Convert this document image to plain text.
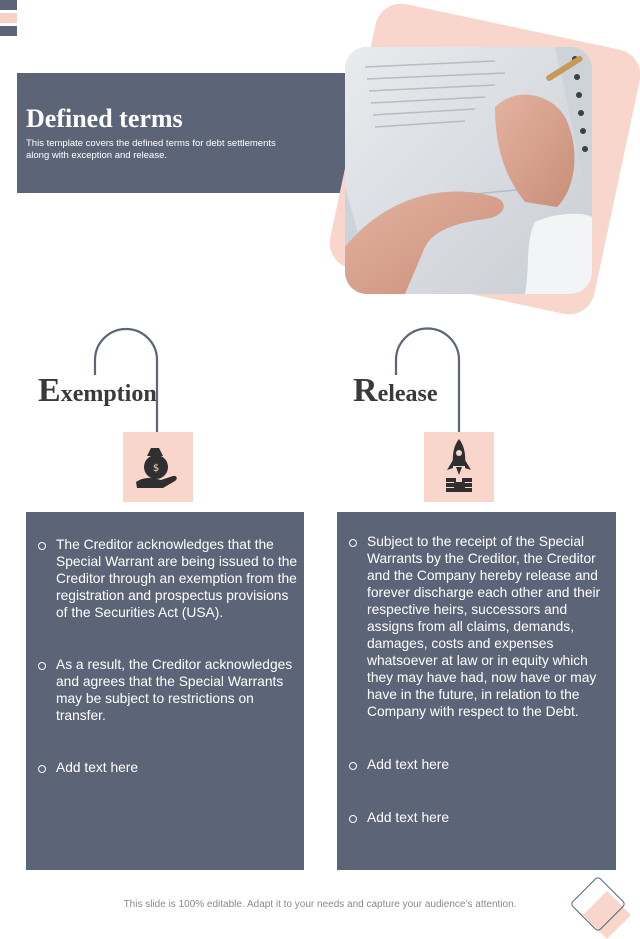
Defined terms

This template covers the defined terms for debt settlements along with exception and release.

Exemption	Release
$
The Creditor acknowledges that the Special Warrant are being issued to the Creditor through an exemption from the registration and prospectus provisions of the Securities Act (USA).
As a result, the Creditor acknowledges and agrees that the Special Warrants may be subject to restrictions on transfer.
Add text here
Subject to the receipt of the Special Warrants by the Creditor, the Creditor and the Company hereby release and forever discharge each other and their respective heirs, successors and assigns from all claims, demands, damages, costs and expenses whatsoever at law or in equity which they may have had, now have or may have in the future, in relation to the Company with respect to the Debt.
Add text here
Add text here

This slide is 100% editable. Adapt it to your needs and capture your audience’s attention.
